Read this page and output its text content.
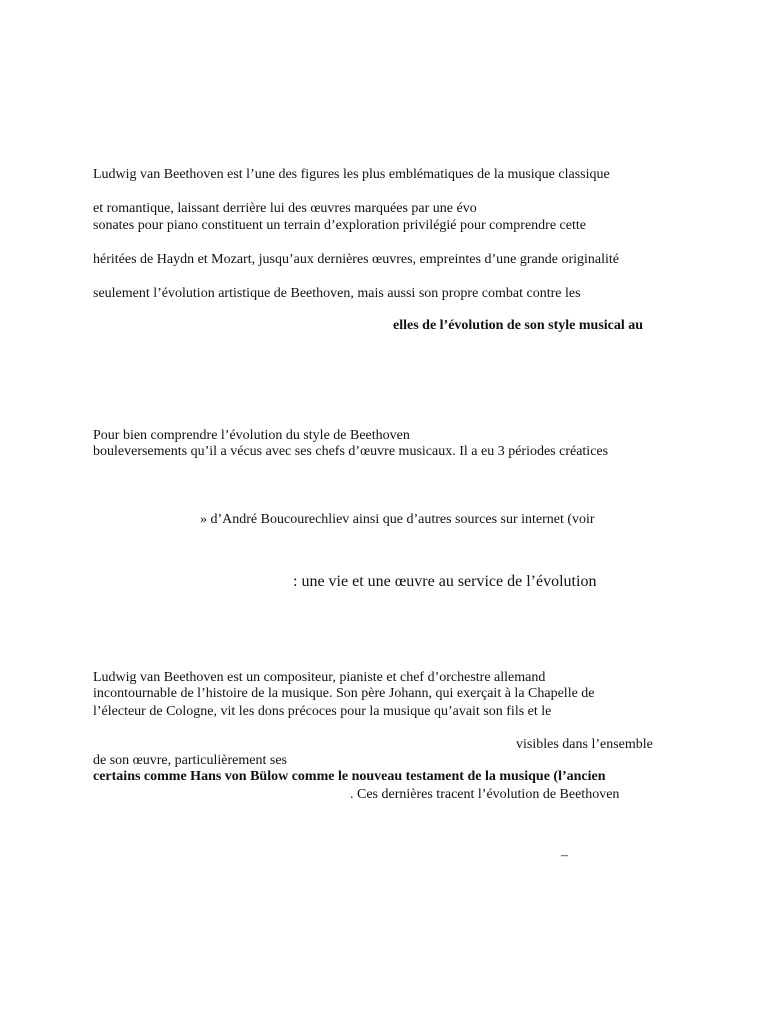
Ludwig van Beethoven est l’une des figures les plus emblématiques de la musique classique
et romantique, laissant derrière lui des œuvres marquées par une évo
sonates pour piano constituent un terrain d’exploration privilégié pour comprendre cette
héritées de Haydn et Mozart, jusqu’aux dernières œuvres, empreintes d’une grande originalité
seulement l’évolution artistique de Beethoven, mais aussi son propre combat contre les
elles de l’évolution de son style musical au
Pour bien comprendre l’évolution du style de Beethoven
bouleversements qu’il a vécus avec ses chefs d’œuvre musicaux. Il a eu 3 périodes créatices
» d’André Boucourechliev ainsi que d’autres sources sur internet (voir
: une vie et une œuvre au service de l’évolution
Ludwig van Beethoven est un compositeur, pianiste et chef d’orchestre allemand
incontournable de l’histoire de la musique. Son père Johann, qui exerçait à la Chapelle de
l’électeur de Cologne, vit les dons précoces pour la musique qu’avait son fils et le
visibles dans l’ensemble
de son œuvre, particulièrement ses
certains comme Hans von Bülow comme le nouveau testament de la musique (l’ancien
. Ces dernières tracent l’évolution de Beethoven
–
